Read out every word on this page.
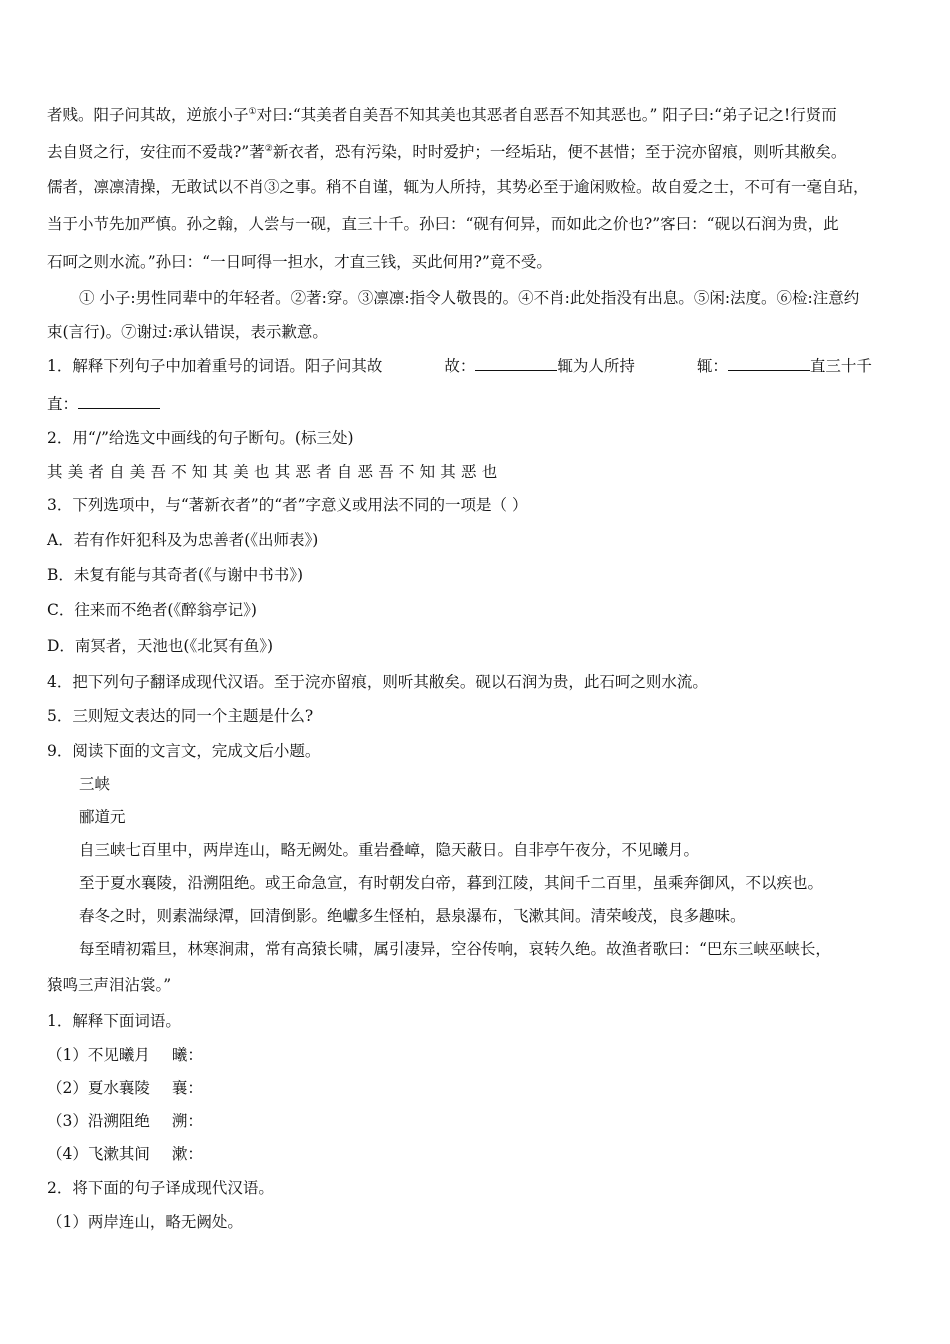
者贱。阳子问其故，逆旅小子①对曰:“其美者自美吾不知其美也其恶者自恶吾不知其恶也。” 阳子曰:“弟子记之!行贤而
去自贤之行，安往而不爱哉?”著②新衣者，恐有污染，时时爱护；一经垢玷，便不甚惜；至于浣亦留痕，则听其敝矣。
儒者，凛凛清操，无敢试以不肖③之事。稍不自谨，辄为人所持，其势必至于逾闲败检。故自爱之士，不可有一毫自玷，
当于小节先加严慎。孙之翰，人尝与一砚，直三十千。孙曰：“砚有何异，而如此之价也?”客曰：“砚以石润为贵，此
石呵之则水流。”孙曰：“一日呵得一担水，才直三钱，买此何用?”竟不受。
① 小子:男性同辈中的年轻者。②著:穿。③凛凛:指令人敬畏的。④不肖:此处指没有出息。⑤闲:法度。⑥检:注意约
束(言行)。⑦谢过:承认错误，表示歉意。
1．解释下列句子中加着重号的词语。阳子问其故	故：	辄为人所持	辄：	直三十千
直：
2．用“/”给选文中画线的句子断句。(标三处)
其美者自美吾不知其美也其恶者自恶吾不知其恶也
3．下列选项中，与“著新衣者”的“者”字意义或用法不同的一项是（ ）
A．若有作奸犯科及为忠善者(《出师表》)
B．未复有能与其奇者(《与谢中书书》)
C．往来而不绝者(《醉翁亭记》)
D．南冥者，天池也(《北冥有鱼》)
4．把下列句子翻译成现代汉语。至于浣亦留痕，则听其敝矣。砚以石润为贵，此石呵之则水流。
5．三则短文表达的同一个主题是什么?
9．阅读下面的文言文，完成文后小题。
三峡
郦道元
自三峡七百里中，两岸连山，略无阙处。重岩叠嶂，隐天蔽日。自非亭午夜分，不见曦月。
至于夏水襄陵，沿溯阻绝。或王命急宣，有时朝发白帝，暮到江陵，其间千二百里，虽乘奔御风，不以疾也。
春冬之时，则素湍绿潭，回清倒影。绝巘多生怪柏，悬泉瀑布，飞漱其间。清荣峻茂，良多趣味。
每至晴初霜旦，林寒涧肃，常有高猿长啸，属引凄异，空谷传响，哀转久绝。故渔者歌曰：“巴东三峡巫峡长，
猿鸣三声泪沾裳。”
1．解释下面词语。
（1）不见曦月 曦：
（2）夏水襄陵 襄：
（3）沿溯阻绝 溯：
（4）飞漱其间 漱：
2．将下面的句子译成现代汉语。
（1）两岸连山，略无阙处。
